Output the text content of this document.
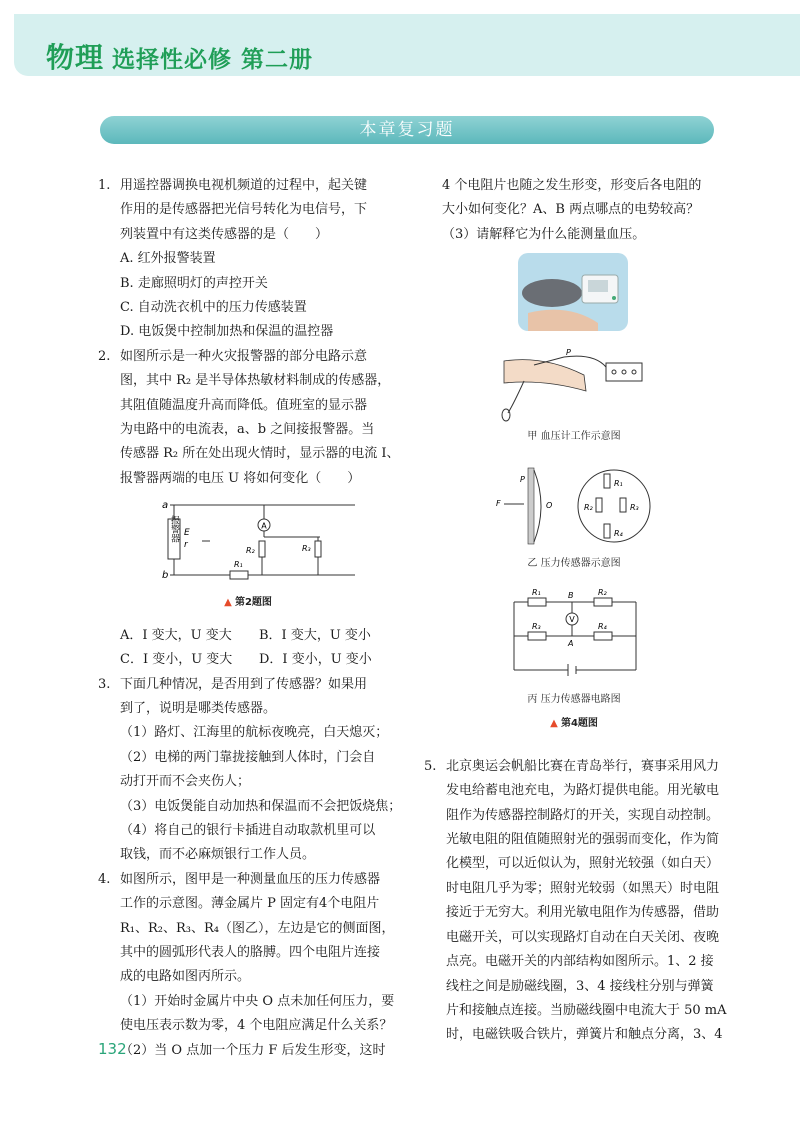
物理 选择性必修 第二册
本章复习题
1. 用遥控器调换电视机频道的过程中，起关键
作用的是传感器把光信号转化为电信号，下
列装置中有这类传感器的是（　　）
A. 红外报警装置
B. 走廊照明灯的声控开关
C. 自动洗衣机中的压力传感装置
D. 电饭煲中控制加热和保温的温控器
2. 如图所示是一种火灾报警器的部分电路示意
图，其中 R₂ 是半导体热敏材料制成的传感器，
其阻值随温度升高而降低。值班室的显示器
为电路中的电流表，a、b 之间接报警器。当
传感器 R₂ 所在处出现火情时，显示器的电流 I、
报警器两端的电压 U 将如何变化（　　）
a
b
报警器 E
r
A
R₂	R₃
R₁
▲ 第2题图
A．I 变大，U 变大	B．I 变大，U 变小
C．I 变小，U 变大	D．I 变小，U 变小
3. 下面几种情况，是否用到了传感器？如果用
到了，说明是哪类传感器。
（1）路灯、江海里的航标夜晚亮，白天熄灭；
（2）电梯的两门靠拢接触到人体时，门会自
动打开而不会夹伤人；
（3）电饭煲能自动加热和保温而不会把饭烧焦；
（4）将自己的银行卡插进自动取款机里可以
取钱，而不必麻烦银行工作人员。
4. 如图所示，图甲是一种测量血压的压力传感器
工作的示意图。薄金属片 P 固定有4个电阻片
R₁、R₂、R₃、R₄（图乙），左边是它的侧面图，
其中的圆弧形代表人的胳膊。四个电阻片连接
成的电路如图丙所示。
（1）开始时金属片中央 O 点未加任何压力，要
使电压表示数为零，4 个电阻应满足什么关系？
（2）当 O 点加一个压力 F 后发生形变，这时
4 个电阻片也随之发生形变，形变后各电阻的
大小如何变化？A、B 两点哪点的电势较高？
（3）请解释它为什么能测量血压。
P
甲 血压计工作示意图
P
F	O
R₁
R₂	R₃
R₄
乙 压力传感器示意图
V
R₁	R₂
R₃	R₄
B
A
丙 压力传感器电路图
▲ 第4题图
5. 北京奥运会帆船比赛在青岛举行，赛事采用风力
发电给蓄电池充电，为路灯提供电能。用光敏电
阻作为传感器控制路灯的开关，实现自动控制。
光敏电阻的阻值随照射光的强弱而变化，作为简
化模型，可以近似认为，照射光较强（如白天）
时电阻几乎为零；照射光较弱（如黑天）时电阻
接近于无穷大。利用光敏电阻作为传感器，借助
电磁开关，可以实现路灯自动在白天关闭、夜晚
点亮。电磁开关的内部结构如图所示。1、2 接
线柱之间是励磁线圈，3、4 接线柱分别与弹簧
片和接触点连接。当励磁线圈中电流大于 50 mA
时，电磁铁吸合铁片，弹簧片和触点分离，3、4
132
